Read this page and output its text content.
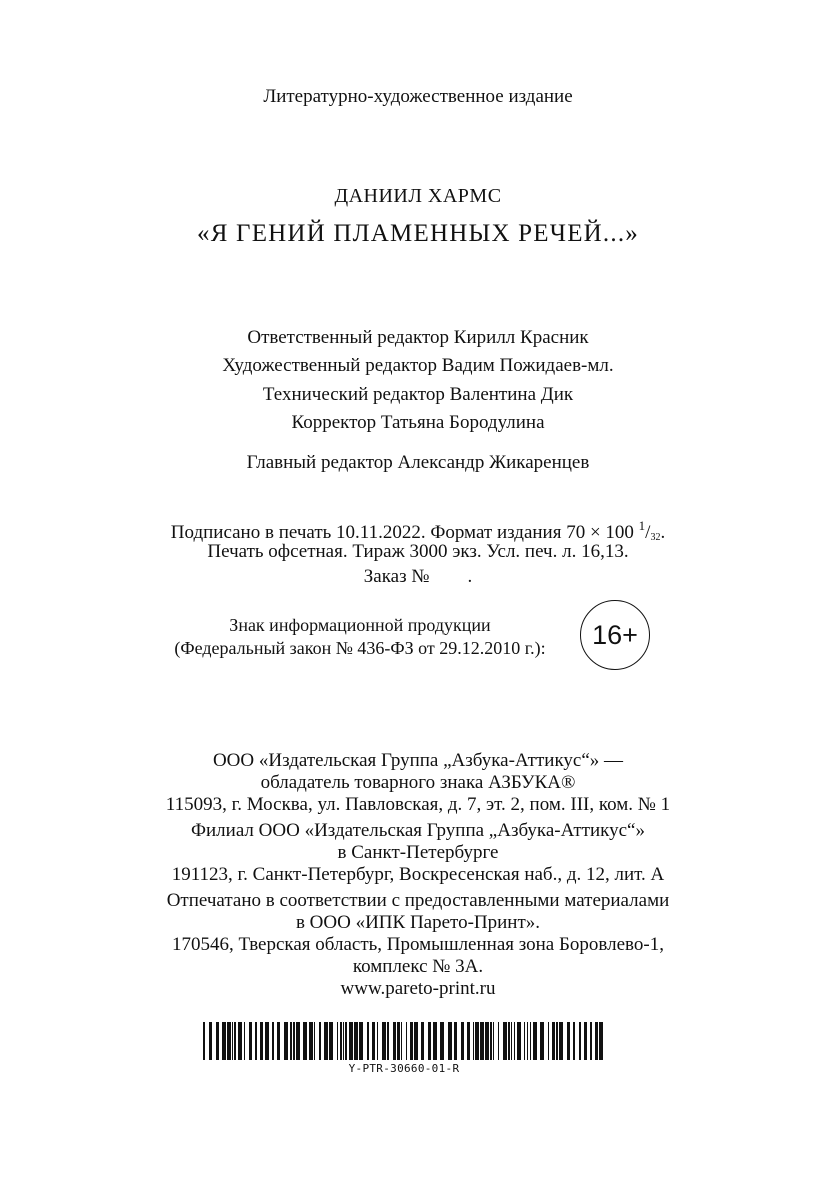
Литературно-художественное издание
ДАНИИЛ ХАРМС
«Я ГЕНИЙ ПЛАМЕННЫХ РЕЧЕЙ...»
Ответственный редактор Кирилл Красник
Художественный редактор Вадим Пожидаев-мл.
Технический редактор Валентина Дик
Корректор Татьяна Бородулина
Главный редактор Александр Жикаренцев
Подписано в печать 10.11.2022. Формат издания 70 × 100 $^1/_{32}$.
Печать офсетная. Тираж 3000 экз. Усл. печ. л. 16,13.
Заказ № .
Знак информационной продукции
(Федеральный закон № 436-ФЗ от 29.12.2010 г.):	16+
ООО «Издательская Группа „Азбука-Аттикус“» —
обладатель товарного знака АЗБУКА®
115093, г. Москва, ул. Павловская, д. 7, эт. 2, пом. III, ком. № 1
Филиал ООО «Издательская Группа „Азбука-Аттикус“»
в Санкт-Петербурге
191123, г. Санкт-Петербург, Воскресенская наб., д. 12, лит. А
Отпечатано в соответствии с предоставленными материалами
в ООО «ИПК Парето-Принт».
170546, Тверская область, Промышленная зона Боровлево-1,
комплекс № 3А.
www.pareto-print.ru
Y-PTR-30660-01-R
